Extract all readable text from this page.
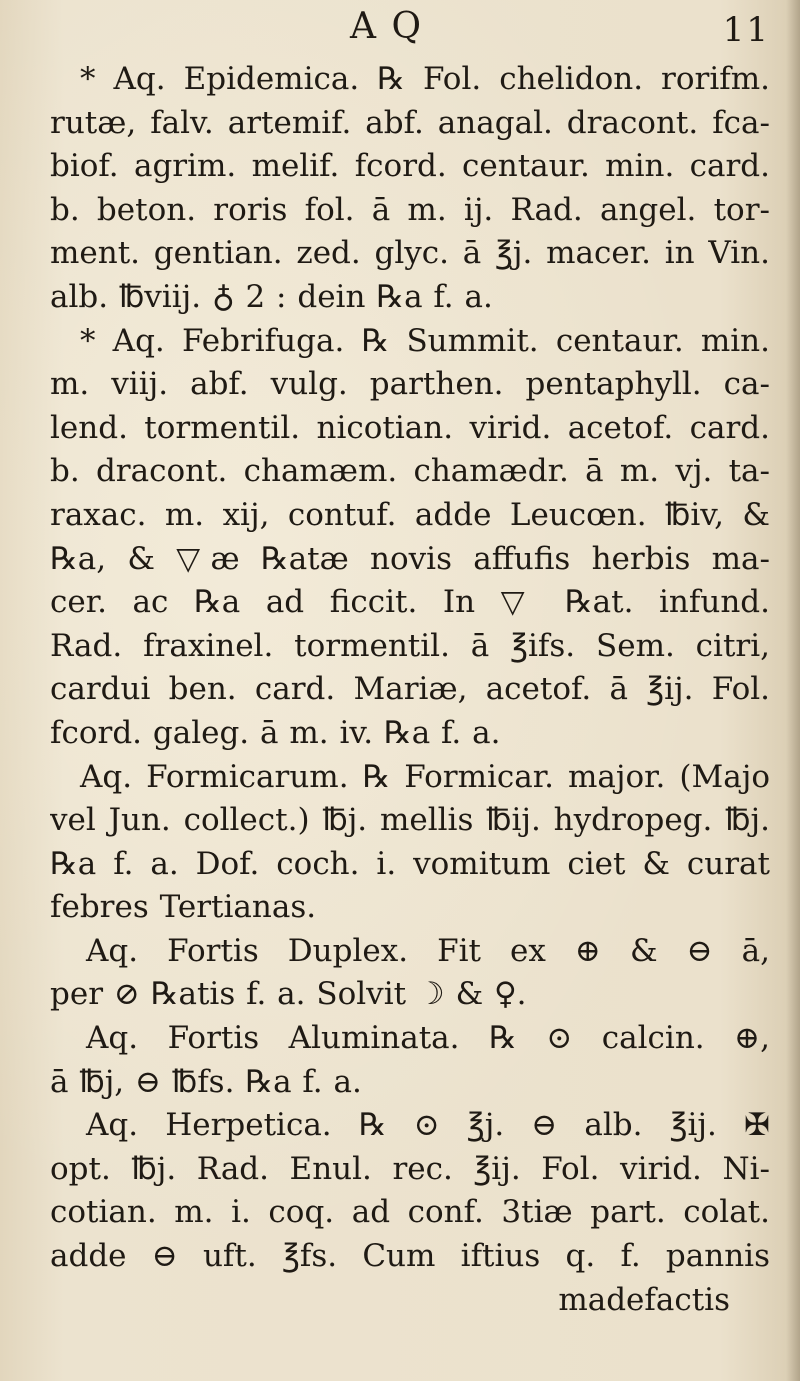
A Q	11
* Aq. Epidemica. ℞ Fol. chelidon. rorifm.
rutæ, falv. artemif. abf. anagal. dracont. fca-
biof. agrim. melif. fcord. centaur. min. card.
b. beton. roris fol. ā m. ij. Rad. angel. tor-
ment. gentian. zed. glyc. ā ℥j. macer. in Vin.
alb. ℔viij. ♁ 2 : dein ℞a f. a.
* Aq. Febrifuga. ℞ Summit. centaur. min.
m. viij. abf. vulg. parthen. pentaphyll. ca-
lend. tormentil. nicotian. virid. acetof. card.
b. dracont. chamæm. chamædr. ā m. vj. ta-
raxac. m. xij, contuf. adde Leucœn. ℔iv, &
℞a, & ▽æ ℞atæ novis affufis herbis ma-
cer. ac ℞a ad ficcit. In ▽ ℞at. infund.
Rad. fraxinel. tormentil. ā ℥ifs. Sem. citri,
cardui ben. card. Mariæ, acetof. ā ℥ij. Fol.
fcord. galeg. ā m. iv. ℞a f. a.
Aq. Formicarum. ℞ Formicar. major. (Majo
vel Jun. collect.) ℔j. mellis ℔ij. hydropeg. ℔j.
℞a f. a. Dof. coch. i. vomitum ciet & curat
febres Tertianas.
Aq. Fortis Duplex. Fit ex ⊕ & ⊖ ā,
per ⊘ ℞atis f. a. Solvit ☽ & ♀.
Aq. Fortis Aluminata. ℞ ⊙ calcin. ⊕,
ā ℔j, ⊖ ℔fs. ℞a f. a.
Aq. Herpetica. ℞ ⊙ ℥j. ⊖ alb. ℥ij. ✠
opt. ℔j. Rad. Enul. rec. ℥ij. Fol. virid. Ni-
cotian. m. i. coq. ad conf. 3tiæ part. colat.
adde ⊖ uft. ℥fs. Cum iftius q. f. pannis
madefactis
